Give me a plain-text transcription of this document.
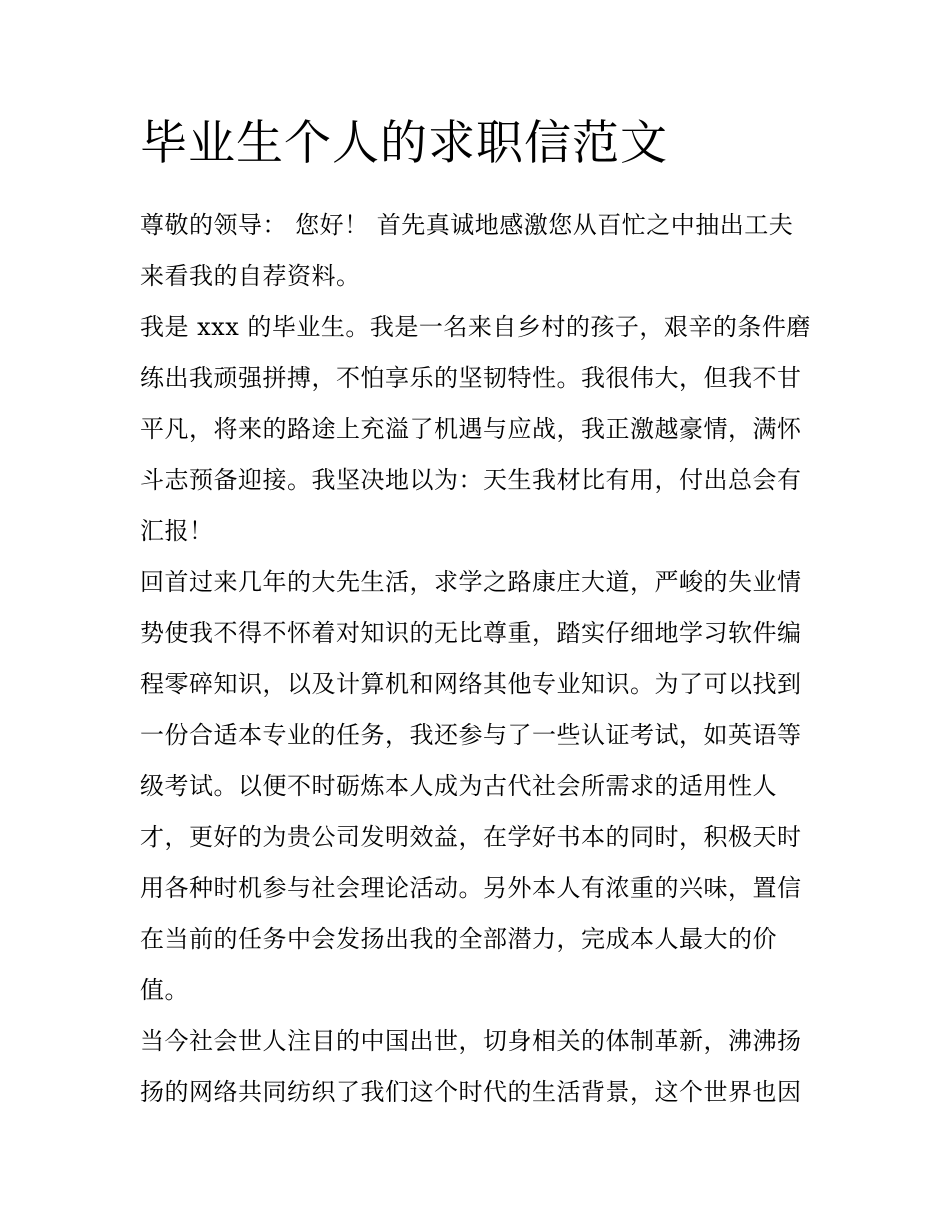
毕业生个人的求职信范文

尊敬的领导： 您好！ 首先真诚地感激您从百忙之中抽出工夫
来看我的自荐资料。

我是 xxx 的毕业生。我是一名来自乡村的孩子，艰辛的条件磨
练出我顽强拼搏，不怕享乐的坚韧特性。我很伟大，但我不甘
平凡，将来的路途上充溢了机遇与应战，我正激越豪情，满怀
斗志预备迎接。我坚决地以为：天生我材比有用，付出总会有
汇报！

回首过来几年的大先生活，求学之路康庄大道，严峻的失业情
势使我不得不怀着对知识的无比尊重，踏实仔细地学习软件编
程零碎知识，以及计算机和网络其他专业知识。为了可以找到
一份合适本专业的任务，我还参与了一些认证考试，如英语等
级考试。以便不时砺炼本人成为古代社会所需求的适用性人
才，更好的为贵公司发明效益，在学好书本的同时，积极天时
用各种时机参与社会理论活动。另外本人有浓重的兴味，置信
在当前的任务中会发扬出我的全部潜力，完成本人最大的价
值。

当今社会世人注目的中国出世，切身相关的体制革新，沸沸扬
扬的网络共同纺织了我们这个时代的生活背景，这个世界也因
